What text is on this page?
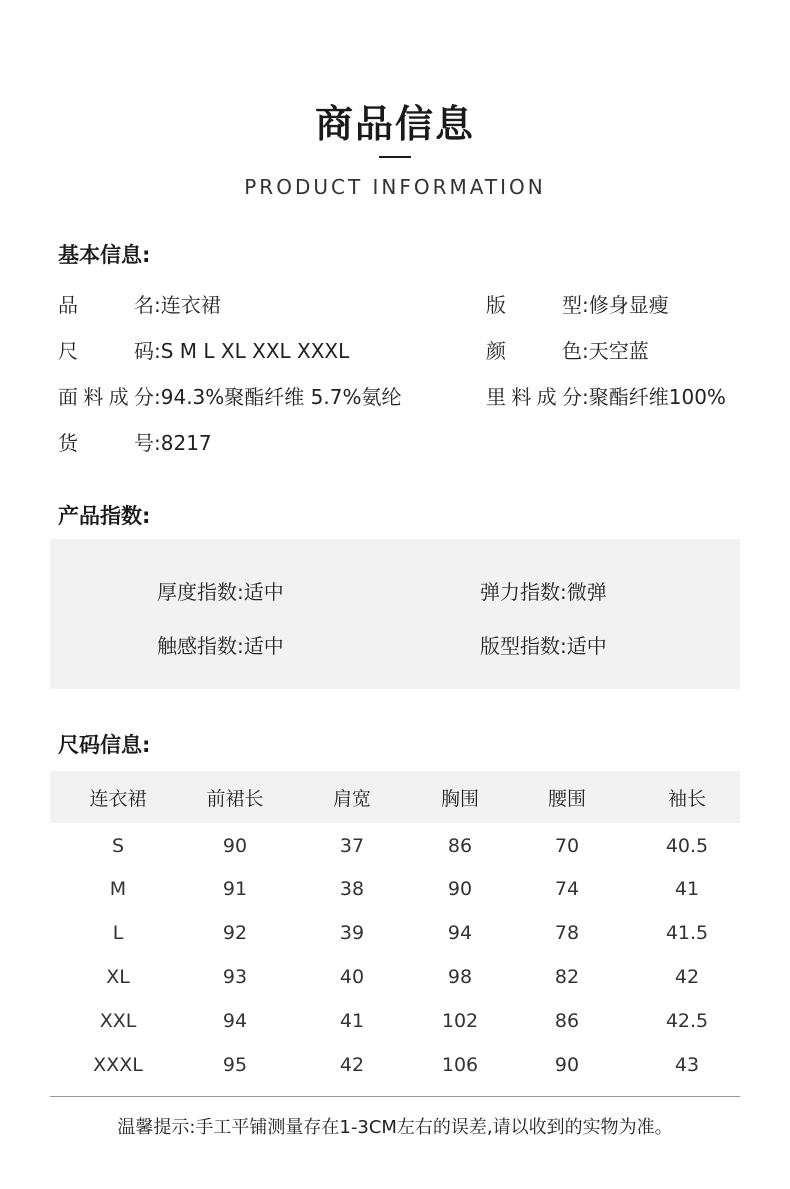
商品信息
PRODUCT INFORMATION
基本信息:
品名:连衣裙	版型:修身显瘦
尺码:S M L XL XXL XXXL	颜色:天空蓝
面料成分:94.3%聚酯纤维 5.7%氨纶	里料成分:聚酯纤维100%
货号:8217
产品指数:
厚度指数:适中	弹力指数:微弹
触感指数:适中	版型指数:适中
尺码信息:
连衣裙	前裙长	肩宽	胸围	腰围	袖长
S	90	37	86	70	40.5
M	91	38	90	74	41
L	92	39	94	78	41.5
XL	93	40	98	82	42
XXL	94	41	102	86	42.5
XXXL	95	42	106	90	43
温馨提示:手工平铺测量存在1-3CM左右的误差,请以收到的实物为准。
